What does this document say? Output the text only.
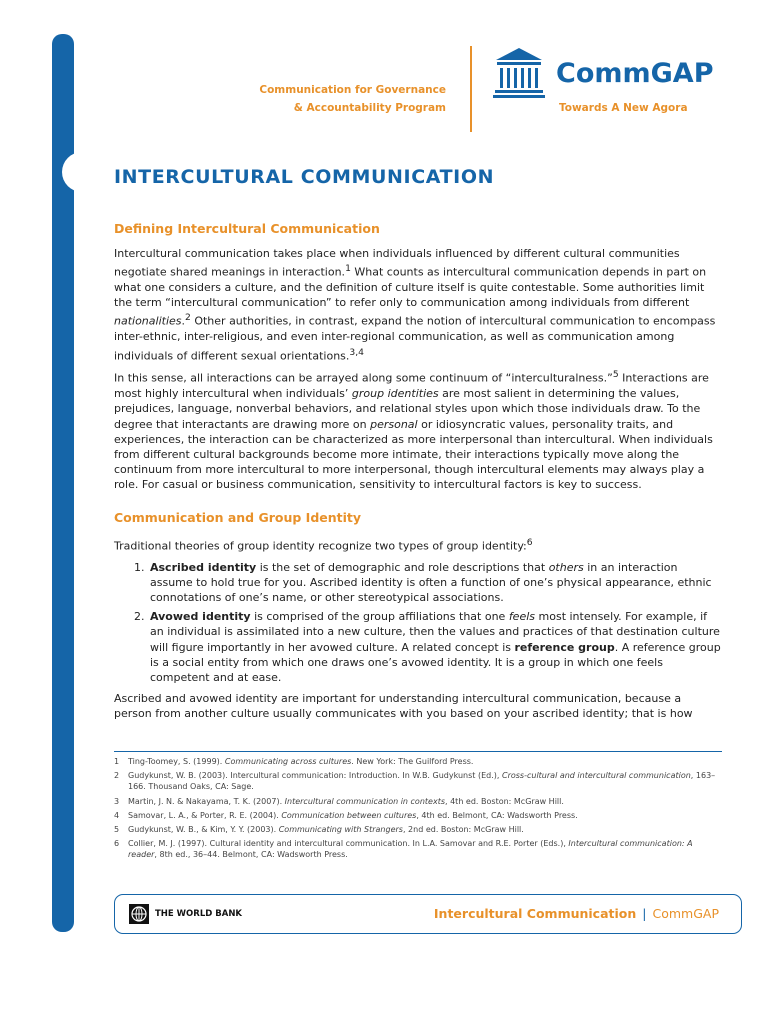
Communication for Governance
& Accountability Program
CommGAP
Towards A New Agora
INTERCULTURAL COMMUNICATION
Defining Intercultural Communication

Intercultural communication takes place when individuals influenced by different cultural communities negotiate shared meanings in interaction.$^1$ What counts as intercultural communication depends in part on what one considers a culture, and the definition of culture itself is quite contestable. Some authorities limit the term “intercultural communication” to refer only to communication among individuals from different nationalities.$^2$ Other authorities, in contrast, expand the notion of intercultural communication to encompass inter-ethnic, inter-religious, and even inter-regional communication, as well as communication among individuals of different sexual orientations.$^{3,4}$

In this sense, all interactions can be arrayed along some continuum of “interculturalness.”$^5$ Interactions are most highly intercultural when individuals’ group identities are most salient in determining the values, prejudices, language, nonverbal behaviors, and relational styles upon which those individuals draw. To the degree that interactants are drawing more on personal or idiosyncratic values, personality traits, and experiences, the interaction can be characterized as more interpersonal than intercultural. When individuals from different cultural backgrounds become more intimate, their interactions typically move along the continuum from more intercultural to more interpersonal, though intercultural elements may always play a role. For casual or business communication, sensitivity to intercultural factors is key to success.

Communication and Group Identity

Traditional theories of group identity recognize two types of group identity:$^6$

1. Ascribed identity is the set of demographic and role descriptions that others in an interaction assume to hold true for you. Ascribed identity is often a function of one’s physical appearance, ethnic connotations of one’s name, or other stereotypical associations.
2. Avowed identity is comprised of the group affiliations that one feels most intensely. For example, if an individual is assimilated into a new culture, then the values and practices of that destination culture will figure importantly in her avowed culture. A related concept is reference group. A reference group is a social entity from which one draws one’s avowed identity. It is a group in which one feels competent and at ease.

Ascribed and avowed identity are important for understanding intercultural communication, because a person from another culture usually communicates with you based on your ascribed identity; that is how

1	Ting-Toomey, S. (1999). Communicating across cultures. New York: The Guilford Press.
2	Gudykunst, W. B. (2003). Intercultural communication: Introduction. In W.B. Gudykunst (Ed.), Cross-cultural and intercultural communication, 163–166. Thousand Oaks, CA: Sage.
3	Martin, J. N. & Nakayama, T. K. (2007). Intercultural communication in contexts, 4th ed. Boston: McGraw Hill.
4	Samovar, L. A., & Porter, R. E. (2004). Communication between cultures, 4th ed. Belmont, CA: Wadsworth Press.
5	Gudykunst, W. B., & Kim, Y. Y. (2003). Communicating with Strangers, 2nd ed. Boston: McGraw Hill.
6	Collier, M. J. (1997). Cultural identity and intercultural communication. In L.A. Samovar and R.E. Porter (Eds.), Intercultural communication: A reader, 8th ed., 36–44. Belmont, CA: Wadsworth Press.
THE WORLD BANK	Intercultural Communication | CommGAP
